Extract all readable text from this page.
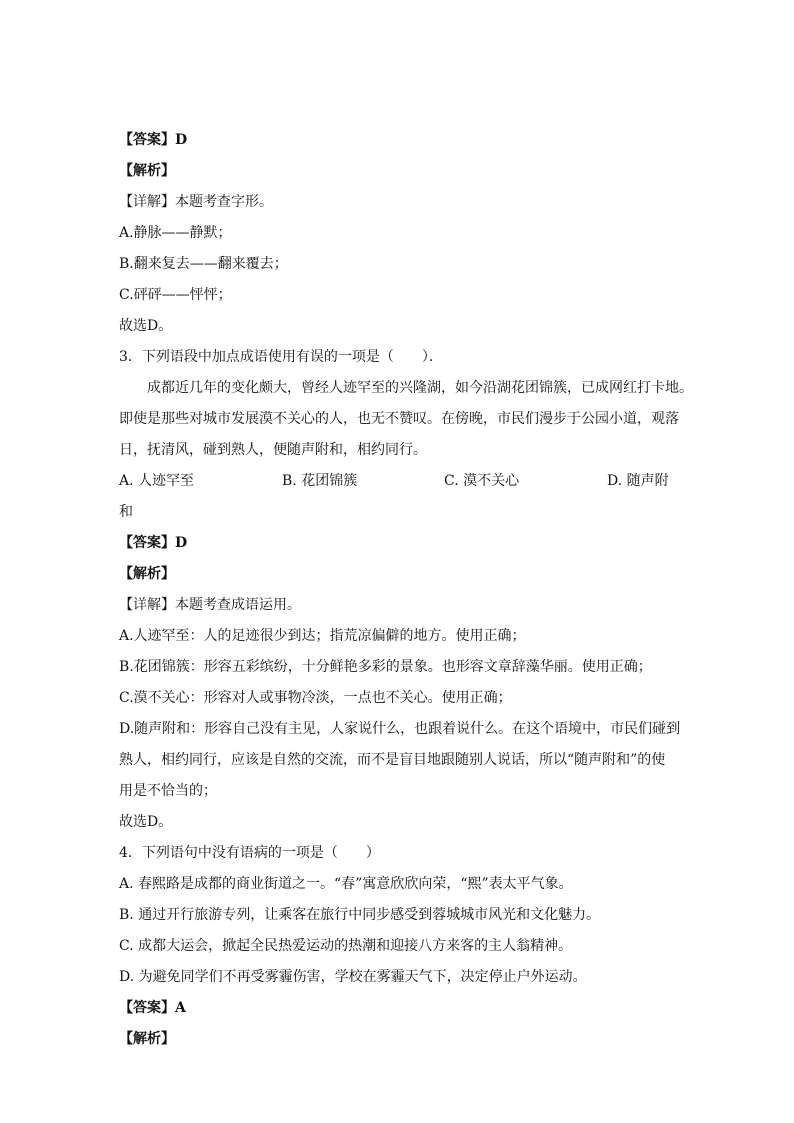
【答案】D
【解析】
【详解】本题考查字形。
A.静脉——静默；
B.翻来复去——翻来覆去；
C.砰砰——怦怦；
故选D。
3．下列语段中加点成语使用有误的一项是（　　）．
成都近几年的变化颇大，曾经人迹罕至的兴隆湖，如今沿湖花团锦簇，已成网红打卡地。
即使是那些对城市发展漠不关心的人，也无不赞叹。在傍晚，市民们漫步于公园小道，观落
日，抚清风，碰到熟人，便随声附和，相约同行。
A. 人迹罕至	B. 花团锦簇	C. 漠不关心	D. 随声附
和
【答案】D
【解析】
【详解】本题考查成语运用。
A.人迹罕至：人的足迹很少到达；指荒凉偏僻的地方。使用正确；
B.花团锦簇：形容五彩缤纷，十分鲜艳多彩的景象。也形容文章辞藻华丽。使用正确；
C.漠不关心：形容对人或事物冷淡，一点也不关心。使用正确；
D.随声附和：形容自己没有主见，人家说什么，也跟着说什么。在这个语境中，市民们碰到
熟人，相约同行，应该是自然的交流，而不是盲目地跟随别人说话，所以“随声附和”的使
用是不恰当的；
故选D。
4．下列语句中没有语病的一项是（　　）
A. 春熙路是成都的商业街道之一。“春”寓意欣欣向荣，“熙”表太平气象。
B. 通过开行旅游专列，让乘客在旅行中同步感受到蓉城城市风光和文化魅力。
C. 成都大运会，掀起全民热爱运动的热潮和迎接八方来客的主人翁精神。
D. 为避免同学们不再受雾霾伤害，学校在雾霾天气下，决定停止户外运动。
【答案】A
【解析】
